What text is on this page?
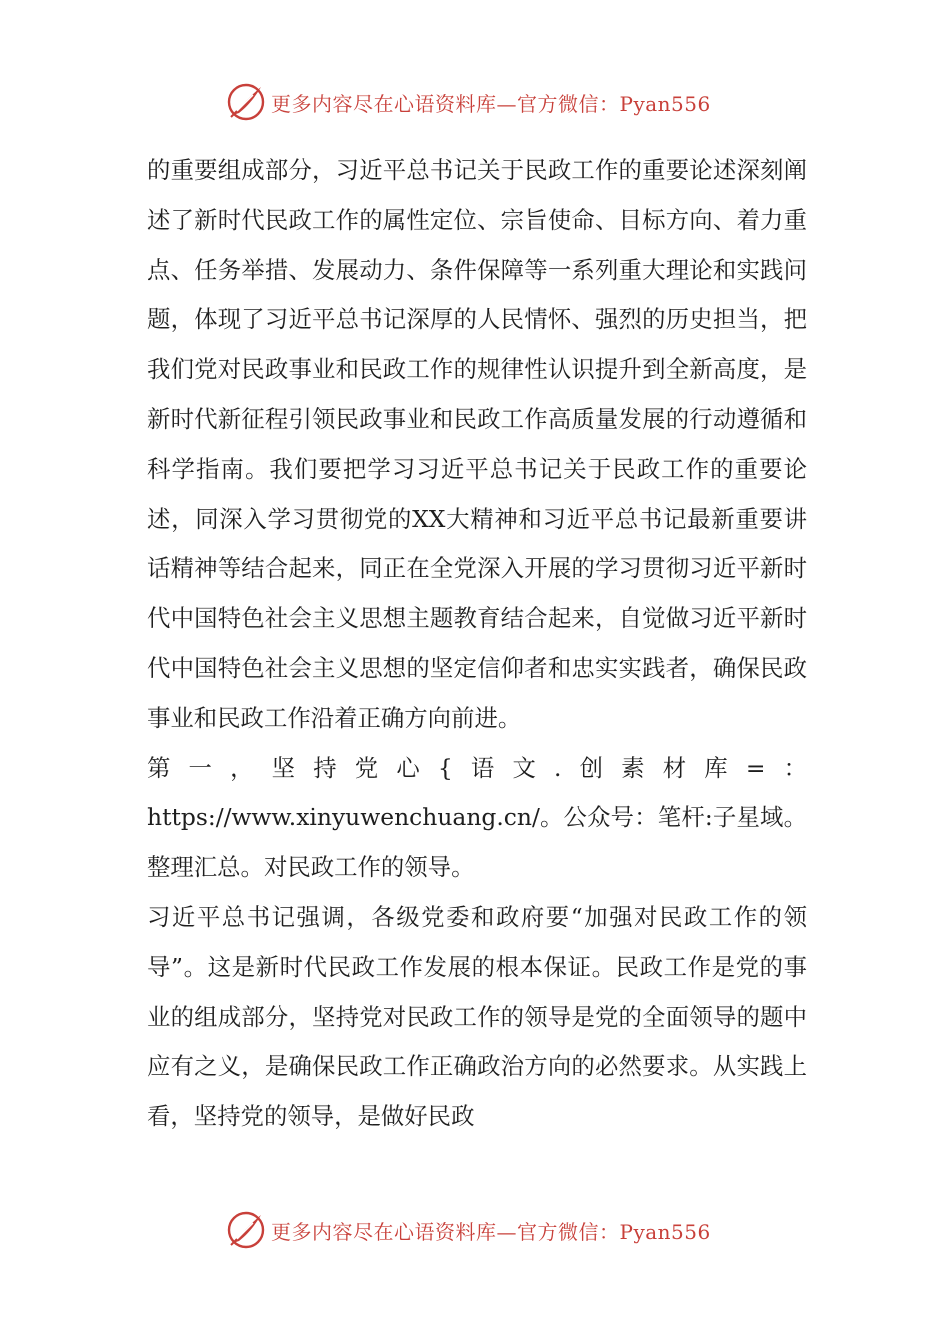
更多内容尽在心语资料库—官方微信：Pyan556

的重要组成部分，习近平总书记关于民政工作的重要论述深刻阐述了新时代民政工作的属性定位、宗旨使命、目标方向、着力重点、任务举措、发展动力、条件保障等一系列重大理论和实践问题，体现了习近平总书记深厚的人民情怀、强烈的历史担当，把我们党对民政事业和民政工作的规律性认识提升到全新高度，是新时代新征程引领民政事业和民政工作高质量发展的行动遵循和科学指南。我们要把学习习近平总书记关于民政工作的重要论述，同深入学习贯彻党的XX大精神和习近平总书记最新重要讲话精神等结合起来，同正在全党深入开展的学习贯彻习近平新时代中国特色社会主义思想主题教育结合起来，自觉做习近平新时代中国特色社会主义思想的坚定信仰者和忠实实践者，确保民政事业和民政工作沿着正确方向前进。

第一，坚持党心{语文.创素材库=：https://www.xinyuwenchuang.cn/。公众号：笔杆:子星域。整理汇总。对民政工作的领导。

习近平总书记强调，各级党委和政府要“加强对民政工作的领导”。这是新时代民政工作发展的根本保证。民政工作是党的事业的组成部分，坚持党对民政工作的领导是党的全面领导的题中应有之义，是确保民政工作正确政治方向的必然要求。从实践上看，坚持党的领导，是做好民政

更多内容尽在心语资料库—官方微信：Pyan556
